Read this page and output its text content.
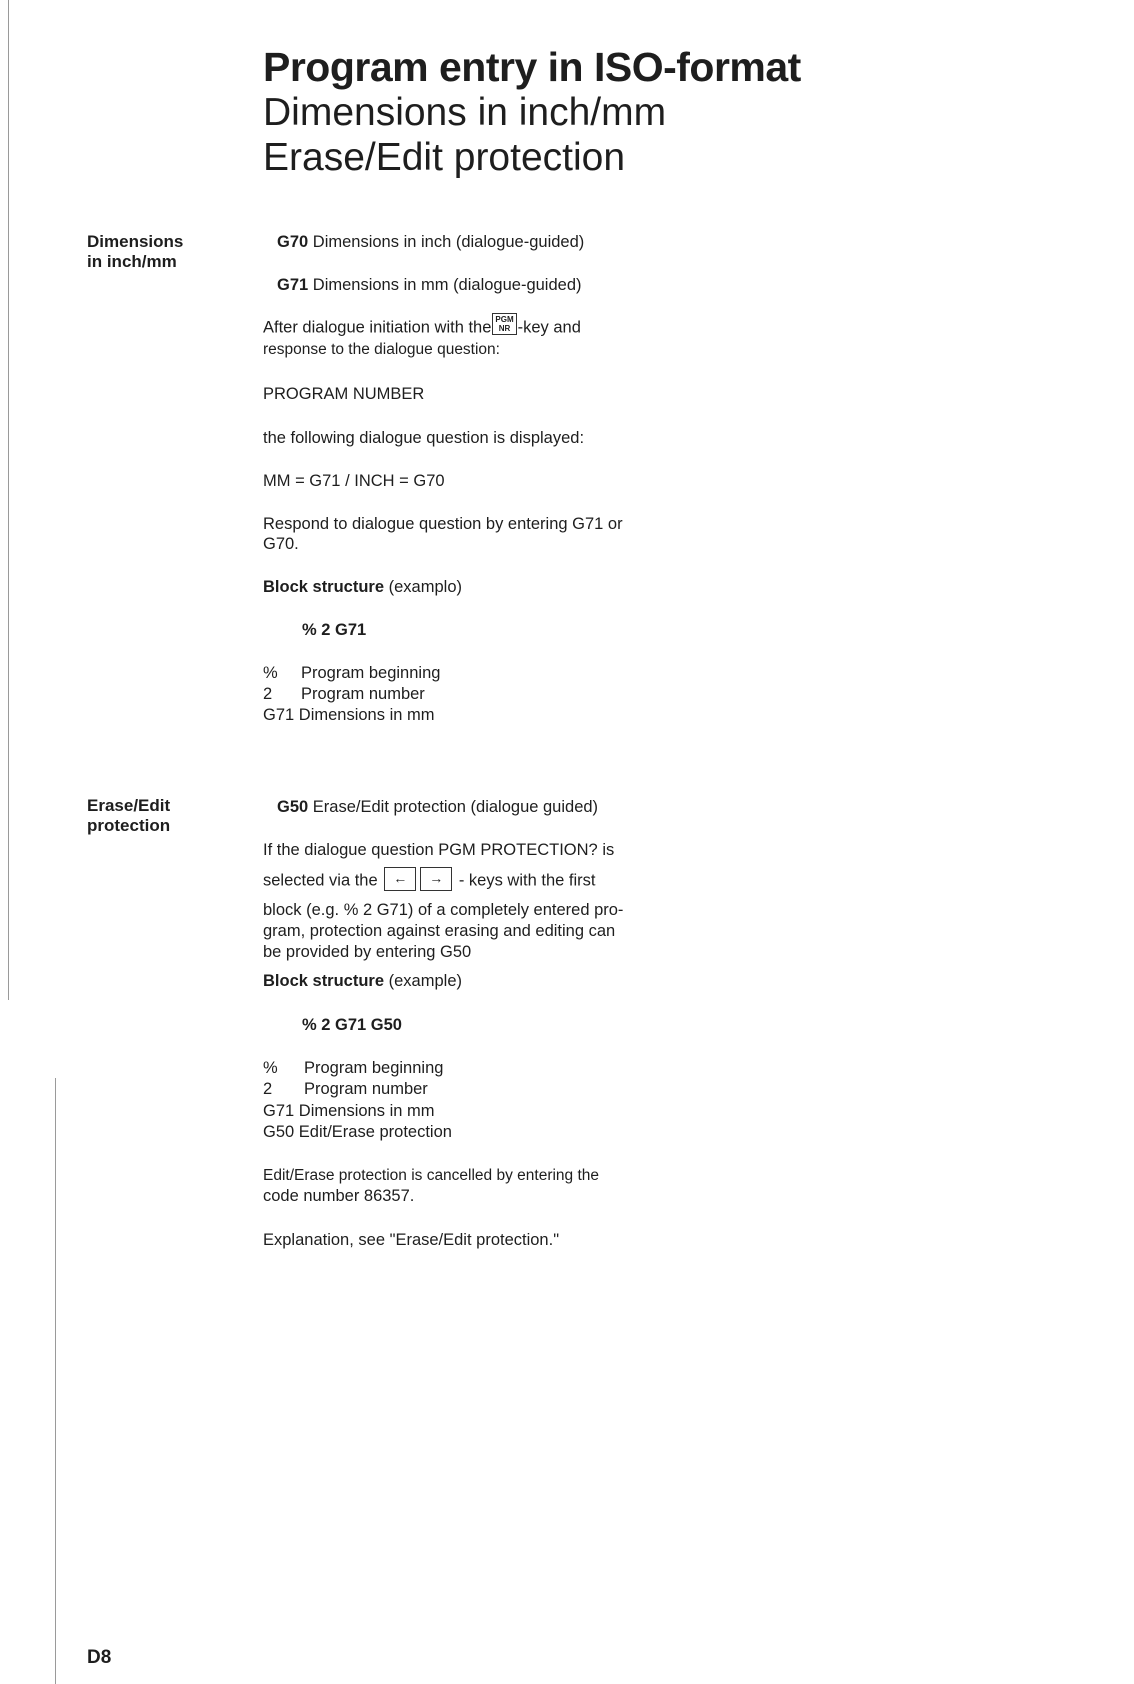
Program entry in ISO-format
Dimensions in inch/mm
Erase/Edit protection
Dimensions
in inch/mm
G70 Dimensions in inch (dialogue-guided)
G71 Dimensions in mm (dialogue-guided)
After dialogue initiation with the PGM
NR -key and
response to the dialogue question:
PROGRAM NUMBER
the following dialogue question is displayed:
MM = G71 / INCH = G70
Respond to dialogue question by entering G71 or
G70.
Block structure (examplo)
% 2 G71
% Program beginning
2 Program number
G71 Dimensions in mm
Erase/Edit
protection
G50 Erase/Edit protection (dialogue guided)
If the dialogue question PGM PROTECTION? is
selected via the ← → - keys with the first
block (e.g. % 2 G71) of a completely entered pro-
gram, protection against erasing and editing can
be provided by entering G50
Block structure (example)
% 2 G71 G50
% Program beginning
2 Program number
G71 Dimensions in mm
G50 Edit/Erase protection
Edit/Erase protection is cancelled by entering the
code number 86357.
Explanation, see "Erase/Edit protection."
D8
